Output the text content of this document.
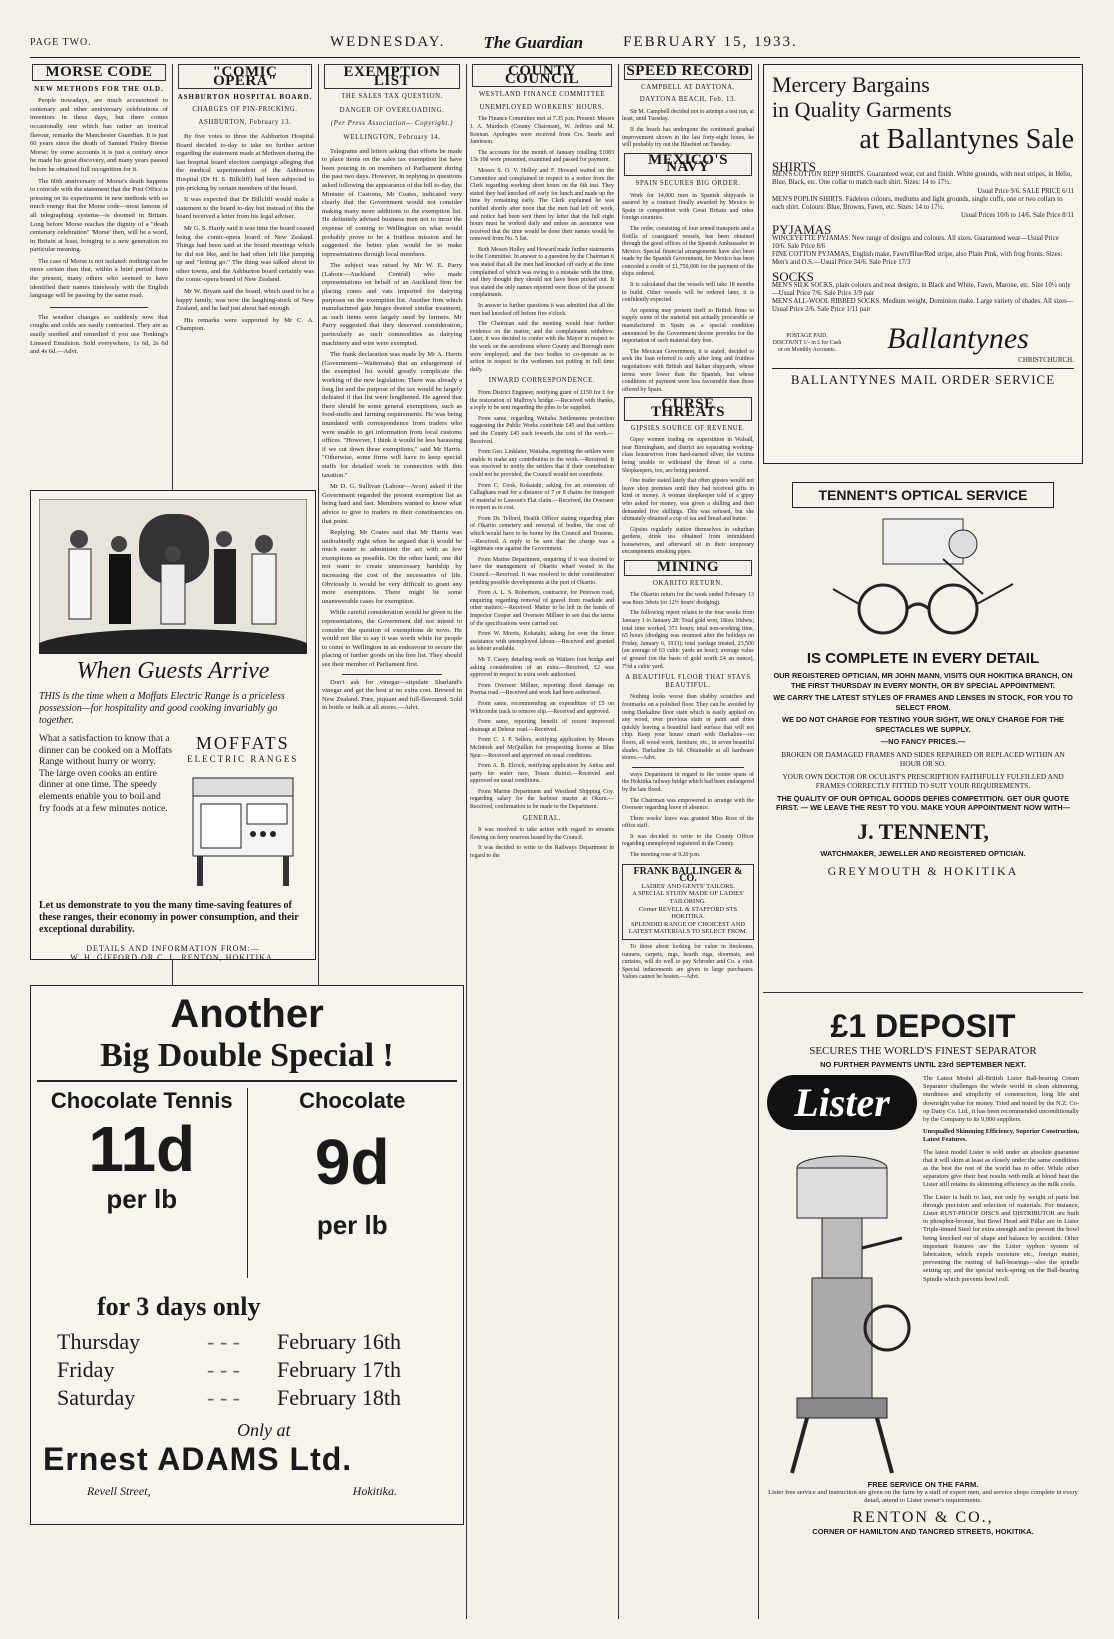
PAGE TWO.	WEDNESDAY. The Guardian	FEBRUARY 15, 1933.
MORSE CODE
NEW METHODS FOR THE OLD.

People nowadays, are much accustomed to centenary and other anniversary celebrations of inventors in these days, but there comes occasionally one which has rather an ironical flavour, remarks the Manchester Guardian. It is just 60 years since the death of Samuel Finley Breese Morse; by some accounts it is just a century since he made his great discovery, and many years passed before he obtained full recognition for it.

The 60th anniversary of Morse's death happens to coincide with the statement that the Post Office is pressing on its experiments in new methods with so much energy that the Morse code—most famous of all telegraphing systems—is doomed in Britain. Long before Morse reaches the dignity of a "death centenary celebration" 'Morse' then, will be a word, in Britain at least, bringing to a new generation no particular meaning.

The case of Morse is not isolated: nothing can be more certain than that, within a brief period from the present, many others who seemed to have identified their names timelessly with the English language will be passing by the same road.

The weather changes so suddenly now that coughs and colds are easily contracted. They are as easily soothed and remedied if you use Tonking's Linseed Emulsion. Sold everywhere, 1s 6d, 2s 6d and 4s 6d.—Advt.

"COMIC OPERA"
ASHBURTON HOSPITAL BOARD.
CHARGES OF PIN-PRICKING.
ASHBURTON, February 13.

By five votes to three the Ashburton Hospital Board decided to-day to take no further action regarding the statement made at Methven during the last hospital board election campaign alleging that the medical superintendent of the Ashburton Hospital (Dr H. S. Billcliff) had been subjected to pin-pricking by certain members of the board.

It was expected that Dr Billcliff would make a statement to the board to-day but instead of this the board received a letter from his legal adviser.

Mr G. S. Hardy said it was time the board ceased being the comic-opera board of New Zealand. Things had been said at the board meetings which he did not like, and he had often felt like jumping up and "letting go." The thing was talked about in other towns, and the Ashburton board certainly was the comic-opera board of New Zealand.

Mr W. Bryant said the board, which used to be a happy family, was now the laughing-stock of New Zealand, and he had just about had enough.

His remarks were supported by Mr C. A. Champion.

When Guests Arrive
THIS is the time when a Moffats Electric Range is a priceless possession—for hospitality and good cooking invariably go together.
What a satisfaction to know that a dinner can be cooked on a Moffats Range without hurry or worry. The large oven cooks an entire dinner at one time. The speedy elements enable you to boil and fry foods at a few minutes notice.
MOFFATS
ELECTRIC RANGES
Let us demonstrate to you the many time-saving features of these ranges, their economy in power consumption, and their exceptional durability.
DETAILS AND INFORMATION FROM:—
W. H. GIFFORD OR C. L. RENTON, HOKITIKA.
EXEMPTION LIST
THE SALES TAX QUESTION.
DANGER OF OVERLOADING.
(Per Press Association— Copyright.)
WELLINGTON, February 14.

Telegrams and letters asking that efforts be made to place items on the sales tax exemption list have been pouring in on members of Parliament during the past two days. However, in replying to questions asked following the appearance of the bill to-day, the Minister of Customs, Mr Coates, indicated very clearly that the Government would not consider making many more additions to the exemption list. He definitely advised business men not to incur the expense of coming to Wellington on what would probably prove to be a fruitless mission and he suggested the better plan would be to make representations through local members.

The subject was raised by Mr W. E. Parry (Labour—Auckland Central) who made representations on behalf of an Auckland firm for placing cones and vats imported for dairying purposes on the exemption list. Another firm which manufactured gate hinges desired similar treatment, as such items were largely used by farmers. Mr Parry suggested that they deserved consideration, particularly as such commodities as dairying machinery and wire were exempted.

The frank declaration was made by Mr A. Harris (Government—Waitemata) that an enlargement of the exempted list would greatly complicate the working of the new legislation. There was already a long list and the purpose of the tax would be largely defeated if that list were lengthened. He agreed that there should be some general exemptions, such as food-stuffs and farming requirements. He was being inundated with correspondence from traders who were unable to get information from local customs offices. "However, I think it would be less harassing if we cut down these exemptions," said Mr Harris. "Otherwise, some firms will have to keep special staffs for detailed work in connection with this taxation."

Mr D. G. Sullivan (Labour—Avon) asked if the Government regarded the present exemption list as being hard and fast. Members wanted to know what advice to give to traders in their constituencies on that point.

Replying, Mr Coates said that Mr Harris was undoubtedly right when he argued that it would be much easier to administer the act with as few exemptions as possible. On the other hand, one did not want to create unnecessary hardship by increasing the cost of the necessaries of life. Obviously it would be very difficult to grant any more exemptions. There might be some unanswerable cases for exemption.

While careful consideration would be given to the representations, the Government did not intend to consider the question of exemptions de novo. He would not like to say it was worth while for people to come to Wellington in an endeavour to secure the placing of further goods on the free list. They should see their member of Parliament first.

Don't ask for vinegar—stipulate Sharland's vinegar and get the best at no extra cost. Brewed in New Zealand. Pure, piquant and full-flavoured. Sold in bottle or bulk at all stores.—Advt.

Another
Big Double Special !
Chocolate Tennis
11d
per lb
Chocolate
9d
per lb
for 3 days only
Thursday	- - -	February 16th
Friday	- - -	February 17th
Saturday	- - -	February 18th
Only at
Ernest ADAMS Ltd.
Revell Street,	Hokitika.
COUNTY COUNCIL
WESTLAND FINANCE COMMITTEE
UNEMPLOYED WORKERS' HOURS.

The Finance Committee met at 7.35 p.m. Present: Messrs J. A. Murdoch (County Chairman), W. Jeffries and M. Keenan. Apologies were received from Crs. Searle and Jamieson.

The accounts for the month of January totalling £1083 13s 10d were presented, examined and passed for payment.

Messrs S. O. V. Holley and F. Howard waited on the Committee and complained in respect to a notice from the Clerk regarding working short hours on the 6th inst. They stated they had knocked off early for lunch and made up the time by remaining early. The Clerk explained he was notified shortly after noon that the men had left off work, and notice had been sent them by letter that the full eight hours must be worked daily and unless an assurance was received that the time would be done their names would be removed from No. 5 list.

Both Messrs Holley and Howard made further statements to the Committee. In answer to a question by the Chairman it was stated that all the men had knocked off early at the time complained of which was owing to a mistake with the time, and they thought they should not have been picked out. It was stated the only names reported were those of the present complainants.

In answer to further questions it was admitted that all the men had knocked off before five o'clock.

The Chairman said the meeting would hear further evidence on the matter, and the complainants withdrew. Later, it was decided to confer with the Mayor in respect to the work on the aerodrome where County and Borough men were employed, and the two bodies to co-operate as to action in respect to the workmen not putting in full time daily.

INWARD CORRESPONDENCE.

From District Engineer, notifying grant of £150 for £ for the restoration of Malfroy's bridge.—Received with thanks, a reply to be sent regarding the piles to be supplied.

From same, regarding Waitaha Settlements protection suggesting the Public Works contribute £45 and that settlers and the County £45 each towards the cost of the work.—Received.

From Geo. Linklater, Waitaha, regretting the settlers were unable to make any contribution to the work.—Received. It was resolved to notify the settlers that if their contribution could not be provided, the Council would not contribute.

From C. Cook, Kokatahi, asking for an extension of Callaghans road for a distance of 7 or 8 chains for transport of material to Lawson's Flat claim.—Received, the Overseer to report as to cost.

From Dr. Telford, Health Officer stating regarding plan of Okarito cemetery and removal of bodies, the cost of which would have to be borne by the Council and Trustees.—Received. A reply to be sent that the charge was a legitimate one against the Government.

From Marine Department, enquiring if it was desired to have the management of Okarito wharf vested in the Council.—Received. It was resolved to defer consideration pending possible developments at the port of Okarito.

From A. L. S. Robertson, contractor, for Peterson road, enquiring regarding removal of gravel from roadside and other matters.—Received. Matter to be left in the hands of Inspector Cooper and Overseer Millner to see that the terms of the specifications were carried out.

From W. Morris, Kokatahi, asking for over the fence assistance with unemployed labour.—Received and granted as labour available.

Mr T. Casey, detailing work on Waitaro foot bridge and asking consideration of an extra.—Received, £2 was approved in respect to extra work authorised.

From Overseer Millner, reporting flood damage on Poerua road.—Received and work had been authorised.

From same, recommending an expenditure of £5 on Whitcombe track to remove slip.—Received and approved.

From same, reporting benefit of recent improved drainage at Dehour road.—Received.

From C. J. P. Sellers, notifying application by Messrs McIntosh and McQuilkin for prospecting license at Blue Spur.—Received and approved on usual conditions.

From A. B. Elcock, notifying application by Antiss and party for water race, Totara district.—Received and approved on usual conditions.

From Marine Department and Westland Shipping Coy. regarding salary for the harbour master at Okuru.—Received, confirmation to be made to the Department.

GENERAL.

It was resolved to take action with regard to streams flowing on ferry reserves leased by the Council.

It was decided to write to the Railways Department in regard to the

SPEED RECORD
CAMPBELL AT DAYTONA.
DAYTONA BEACH, Feb. 13.

Sir M. Campbell decided not to attempt a test run, at least, until Tuesday.

If the beach has undergone the continued gradual improvement shown in the last forty-eight hours, he will probably try out the Bluebird on Tuesday.

MEXICO'S NAVY
SPAIN SECURES BIG ORDER.

Work for 14,000 men in Spanish shipyards is assured by a contract finally awarded by Mexico to Spain in competition with Great Britain and other foreign countries.

The order, consisting of four armed transports and a flotilla of coastguard vessels, has been obtained through the good offices of the Spanish Ambassador in Mexico. Special financial arrangements have also been made by the Spanish Government, for Mexico has been conceded a credit of £1,750,000 for the payment of the ships ordered.

It is calculated that the vessels will take 18 months to build. Other vessels will be ordered later, it is confidently expected.

An opening may present itself to British firms to supply some of the material not actually procurable or manufactured in Spain as a special condition announced by the Government decree provides for the importation of such material duty free.

The Mexican Government, it is stated, decided to seek the loan referred to only after long and fruitless negotiations with British and Italian shipyards, whose terms were lower than the Spanish, but whose conditions of payment were less favourable than those offered by Spain.

CURSE THREATS
GIPSIES SOURCE OF REVENUE.

Gipsy women trading on superstition in Walsall, near Birmingham, and district are separating working-class housewives from hard-earned silver, the victims being unable to withstand the threat of a curse. Shopkeepers, too, are being pestered.

One trader stated lately that often gipsies would not leave shop premises until they had received gifts in kind or money. A woman shopkeeper told of a gipsy who asked for money, was given a shilling and then demanded five shillings. This was refused, but she ultimately obtained a cup of tea and bread and butter.

Gipsies regularly station themselves in suburban gardens, drink tea obtained from intimidated housewives, and afterward sit in their temporary encampments smoking pipes.

MINING
OKARITO RETURN.

The Okarito return for the week ended February 13 was 8ozs 3dwts (or 12½ hours' dredging).

The following report relates to the four weeks from January 1 to January 28: Total gold won, 18ozs 10dwts; total time worked, 371 hours; total non-working time, 65 hours (dredging was resumed after the holidays on Friday, January 6, 1933); total yardage treated, 23,500 (an average of 63 cubic yards an hour); average value of ground (on the basis of gold worth £4 an ounce), 7½d a cubic yard.

A BEAUTIFUL FLOOR THAT STAYS BEAUTIFUL.

Nothing looks worse than shabby scratches and footmarks on a polished floor. They can be avoided by using Darkaline floor stain which is easily applied on any wood, over previous stain or paint and dries quickly leaving a beautiful hard surface that will not chip. Keep your house smart with Darkaline—on floors, all wood work, furniture, etc., in seven beautiful shades. Darkaline 2s 6d. Obtainable at all hardware stores.—Advt.

ways Department in regard to the centre spans of the Hokitika railway bridge which had been endangered by the late flood.

The Chairman was empowered to arrange with the Overseer regarding leave of absence.

Three weeks' leave was granted Miss Ross of the office staff.

It was decided to write to the County Officer regarding unemployed registered in the County.

The meeting rose at 9.20 p.m.

FRANK BALLINGER & CO.
LADIES' AND GENTS' TAILORS.
A SPECIAL STUDY MADE OF LADIES' TAILORING.
Corner REVELL & STAFFORD STS HOKITIKA.
SPLENDID RANGE OF CHOICEST AND LATEST MATERIALS TO SELECT FROM.

To those about looking for value in linoleums, runners, carpets, rugs, hearth rugs, doormats, and curtains, will do well to pay Schroder and Co. a visit. Special inducements are given to large purchasers. Values cannot be beaten.—Advt.

Mercery Bargains
in Quality Garments
at Ballantynes Sale
SHIRTS
MEN'S COTTON REPP SHIRTS. Guaranteed wear, cut and finish. White grounds, with neat stripes, in Helio, Blue, Black, etc. One collar to match each shirt. Sizes: 14 to 17½.
Usual Price 9/6. SALE PRICE 6/11
MEN'S POPLIN SHIRTS. Fadeless colours, mediums and light grounds, single cuffs, one or two collars to each shirt. Colours: Blue, Browns, Fawn, etc. Sizes: 14 to 17½.
Usual Prices 10/6 to 14/6. Sale Price 8/11
PYJAMAS
WINCEYETTE PYJAMAS. New range of designs and colours. All sizes. Guaranteed wear—Usual Price 10/6. Sale Price 8/6
FINE COTTON PYJAMAS, English make, Fawn/Blue/Red stripe, also Plain Pink, with frog fronts. Sizes: Men's and O.S.—Usual Price 34/6. Sale Price 17/3
SOCKS
MEN'S SILK SOCKS, plain colours and neat designs, in Black and White, Fawn, Marone, etc. Size 10½ only—Usual Price 7/6. Sale Price 3/9 pair
MEN'S ALL-WOOL RIBBED SOCKS. Medium weight, Dominion make. Large variety of shades. All sizes—Usual Price 2/6. Sale Price 1/11 pair
POSTAGE PAID. DISCOUNT 1/- in £ for Cash or on Monthly Accounts.	Ballantynes
CHRISTCHURCH.
BALLANTYNES MAIL ORDER SERVICE
TENNENT'S OPTICAL SERVICE
IS COMPLETE IN EVERY DETAIL
OUR REGISTERED OPTICIAN, MR JOHN MANN, VISITS OUR HOKITIKA BRANCH, ON THE FIRST THURSDAY IN EVERY MONTH, OR BY SPECIAL APPOINTMENT.
WE CARRY THE LATEST STYLES OF FRAMES AND LENSES IN STOCK, FOR YOU TO SELECT FROM.
WE DO NOT CHARGE FOR TESTING YOUR SIGHT, WE ONLY CHARGE FOR THE SPECTACLES WE SUPPLY.
—NO FANCY PRICES.—
BROKEN OR DAMAGED FRAMES AND SIDES REPAIRED OR REPLACED WITHIN AN HOUR OR SO.
YOUR OWN DOCTOR OR OCULIST'S PRESCRIPTION FAITHFULLY FULFILLED AND FRAMES CORRECTLY FITTED TO SUIT YOUR REQUIREMENTS.
THE QUALITY OF OUR OPTICAL GOODS DEFIES COMPETITION. GET OUR QUOTE FIRST. — WE LEAVE THE REST TO YOU. MAKE YOUR APPOINTMENT NOW WITH—
J. TENNENT,
WATCHMAKER, JEWELLER AND REGISTERED OPTICIAN.
GREYMOUTH & HOKITIKA
£1 DEPOSIT
SECURES THE WORLD'S FINEST SEPARATOR
NO FURTHER PAYMENTS UNTIL 23rd SEPTEMBER NEXT.
Lister

The Latest Model all-British Lister Ball-bearing Cream Separator challenges the whole world in clean skimming, sturdiness and simplicity of construction, long life and downright value for money. Tried and tested by the N.Z. Co-op Dairy Co. Ltd., it has been recommended unconditionally by the Company to its 9,000 suppliers.

Unequalled Skimming Efficiency, Superior Construction, Latest Features.

The latest model Lister is sold under an absolute guarantee that it will skim at least as closely under the same conditions as the best the rest of the world has to offer. While other separators give their best results with milk at blood heat the Lister still retains its skimming efficiency as the milk cools.

The Lister is built to last, not only by weight of parts but through precision and selection of materials. For instance, Lister RUST-PROOF DISCS and DISTRIBUTOR are built in phosphor-bronze, but Bowl Head and Pillar are in Lister Triple-tinned Steel for extra strength and to prevent the bowl being knocked out of shape and balance by accident. Other important features are the Lister syphon system of lubrication, which expels moisture etc., foreign matter, preventing the rusting of ball-bearings—also the spindle seizing up; and the special neck-spring on the Ball-bearing Spindle which prevents bowl roll.

FREE SERVICE ON THE FARM.
Lister free service and instruction are given on the farm by a staff of expert men, and service shops complete in every detail, attend to Lister owner's requirements.
RENTON & CO.,
CORNER OF HAMILTON AND TANCRED STREETS, HOKITIKA.
